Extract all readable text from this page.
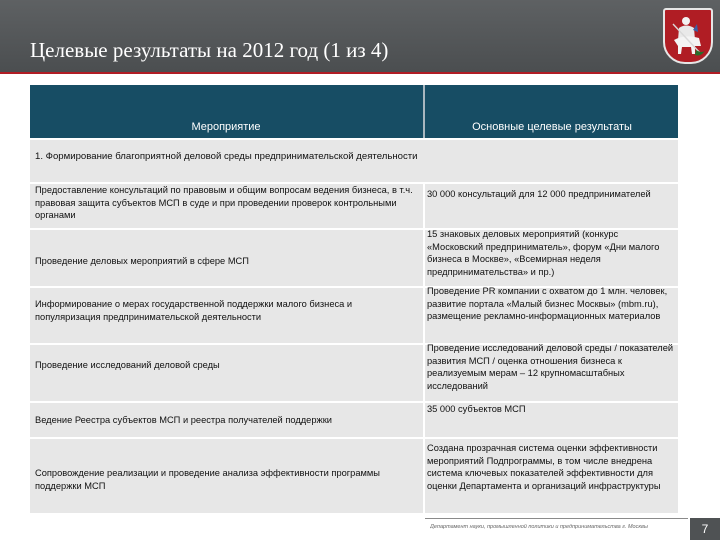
Целевые результаты на 2012 год (1 из 4)
Мероприятие	Основные целевые результаты
1. Формирование благоприятной деловой среды предпринимательской деятельности
Предоставление консультаций по правовым и общим вопросам ведения бизнеса, в т.ч. правовая защита субъектов МСП в суде и при проведении проверок контрольными органами
30 000 консультаций для 12 000 предпринимателей
Проведение деловых мероприятий в сфере МСП
15 знаковых деловых мероприятий (конкурс «Московский предприниматель», форум «Дни малого бизнеса в Москве», «Всемирная неделя предпринимательства» и пр.)
Информирование о мерах государственной поддержки малого бизнеса и популяризация предпринимательской деятельности
Проведение PR компании с охватом до 1 млн. человек, развитие портала «Малый бизнес Москвы» (mbm.ru), размещение рекламно-информационных материалов
Проведение исследований деловой среды
Проведение исследований деловой среды / показателей развития МСП / оценка отношения бизнеса к реализуемым мерам – 12 крупномасштабных исследований
Ведение Реестра субъектов МСП и реестра получателей поддержки
35 000 субъектов МСП
Сопровождение реализации и проведение анализа эффективности программы поддержки МСП
Создана прозрачная система оценки эффективности мероприятий Подпрограммы, в том числе внедрена система ключевых показателей эффективности для оценки Департамента и организаций инфраструктуры
Департамент науки, промышленной политики и предпринимательства г. Москвы	7
